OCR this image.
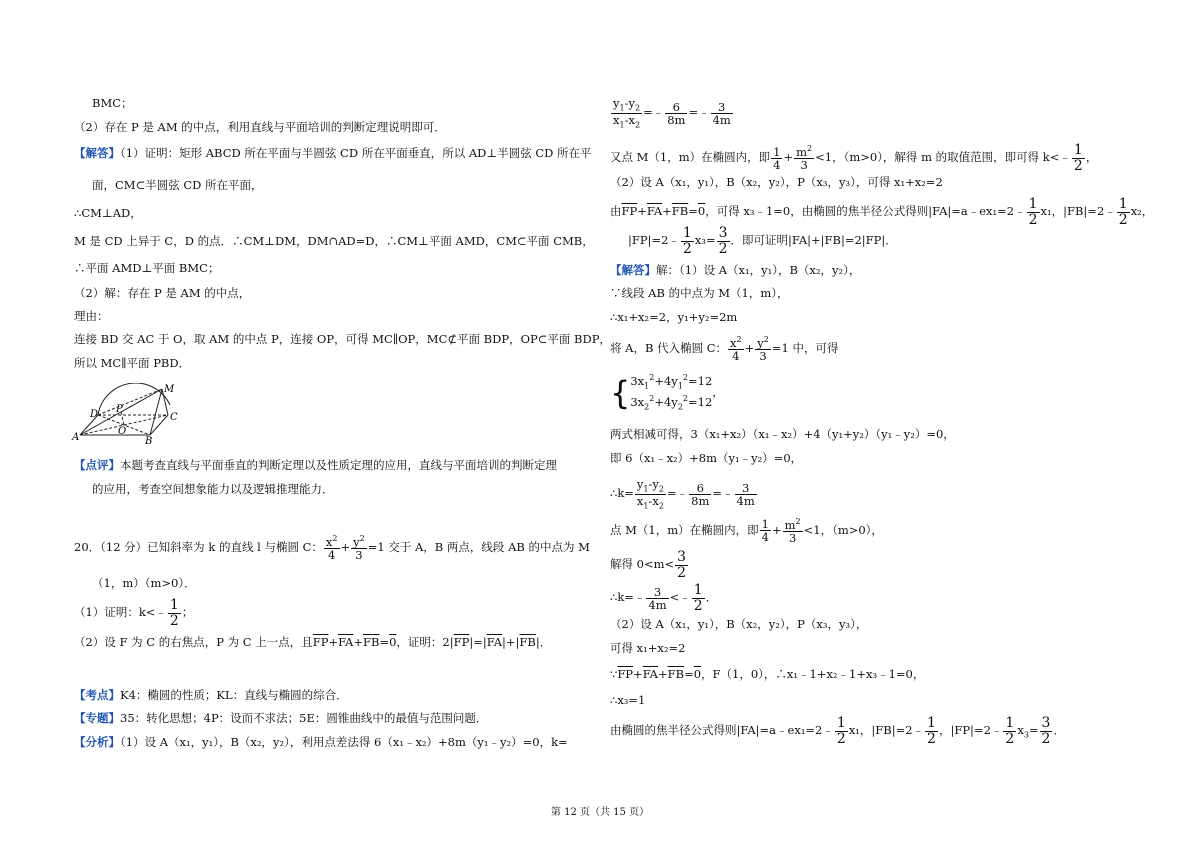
BMC；
（2）存在 P 是 AM 的中点，利用直线与平面培训的判断定理说明即可．
【解答】（1）证明：矩形 ABCD 所在平面与半圆弦 CD 所在平面垂直，所以 AD⊥半圆弦 CD 所在平
面，CM⊂半圆弦 CD 所在平面，
∴CM⊥AD，
M 是 CD 上异于 C，D 的点．∴CM⊥DM，DM∩AD=D，∴CM⊥平面 AMD，CM⊂平面 CMB，
∴平面 AMD⊥平面 BMC；
（2）解：存在 P 是 AM 的中点，
理由：
连接 BD 交 AC 于 O，取 AM 的中点 P，连接 OP，可得 MC∥OP，MC⊄平面 BDP，OP⊂平面 BDP，
所以 MC∥平面 PBD．
【点评】本题考查直线与平面垂直的判断定理以及性质定理的应用，直线与平面培训的判断定理
的应用，考查空间想象能力以及逻辑推理能力．
20．（12 分）已知斜率为 k 的直线 l 与椭圆 C： $\frac{x^2}{4} + \frac{y^2}{3} =1$ 交于 A，B 两点，线段 AB 的中点为 M
（1，m）（m>0）．
（1）证明：k<﹣ $\frac{1}{2}$ ；
（2）设 F 为 C 的右焦点，P 为 C 上一点，且$\overline{FP}+\overline{FA}+\overline{FB}=0$，证明：$2|\overline{FP}|=|\overline{FA}|+|\overline{FB}|$．
【考点】K4：椭圆的性质；KL：直线与椭圆的综合．
【专题】35：转化思想；4P：设而不求法；5E：圆锥曲线中的最值与范围问题．
【分析】（1）设 A（x₁，y₁），B（x₂，y₂），利用点差法得 6（x₁﹣x₂）+8m（y₁﹣y₂）=0，k=
M
D P
C
O
A	B
$\frac{y_1-y_2}{x_1-x_2}$ =﹣ $\frac{6}{8m}$ =﹣ $\frac{3}{4m}$
又点 M（1，m）在椭圆内，即 $\frac{1}{4} + \frac{m^2}{3} <1$，（m>0），解得 m 的取值范围，即可得 k<﹣ $\frac{1}{2}$ ，
（2）设 A（x₁，y₁），B（x₂，y₂），P（x₃，y₃），可得 x₁+x₂=2
由$\overline{FP}+\overline{FA}+\overline{FB}=0$，可得 x₃﹣1=0，由椭圆的焦半径公式得则|FA|=a﹣ex₁=2﹣ $\frac{1}{2} x_1$，|FB|=2﹣ $\frac{1}{2} x_2$，
|FP|=2﹣ $\frac{1}{2} x_3= \frac{3}{2}$ ．即可证明|FA|+|FB|=2|FP|．
【解答】解：（1）设 A（x₁，y₁），B（x₂，y₂），
∵线段 AB 的中点为 M（1，m），
∴x₁+x₂=2，y₁+y₂=2m
将 A，B 代入椭圆 C： $\frac{x^2}{4} + \frac{y^2}{3} =1$ 中，可得
{ $3x_1^2+4y_1^2=12$
$3x_2^2+4y_2^2=12$
，
两式相减可得，3（x₁+x₂）（x₁﹣x₂）+4（y₁+y₂）（y₁﹣y₂）=0，
即 6（x₁﹣x₂）+8m（y₁﹣y₂）=0，
∴k= $\frac{y_1-y_2}{x_1-x_2}$ =﹣ $\frac{6}{8m}$ =﹣ $\frac{3}{4m}$
点 M（1，m）在椭圆内，即 $\frac{1}{4} + \frac{m^2}{3} <1$，（m>0），
解得 $0<m< \frac{3}{2}$
∴k=﹣ $\frac{3}{4m}$ <﹣ $\frac{1}{2}$ ．
（2）设 A（x₁，y₁），B（x₂，y₂），P（x₃，y₃），
可得 x₁+x₂=2
$\because\overline{FP}+\overline{FA}+\overline{FB}=0$，F（1，0），∴x₁﹣1+x₂﹣1+x₃﹣1=0，
∴x₃=1
由椭圆的焦半径公式得则|FA|=a﹣ex₁=2﹣ $\frac{1}{2} x_1$，|FB|=2﹣ $\frac{1}{2}$ ，|FP|=2﹣ $\frac{1}{2} x_3= \frac{3}{2}$ ．
第 12 页（共 15 页）
